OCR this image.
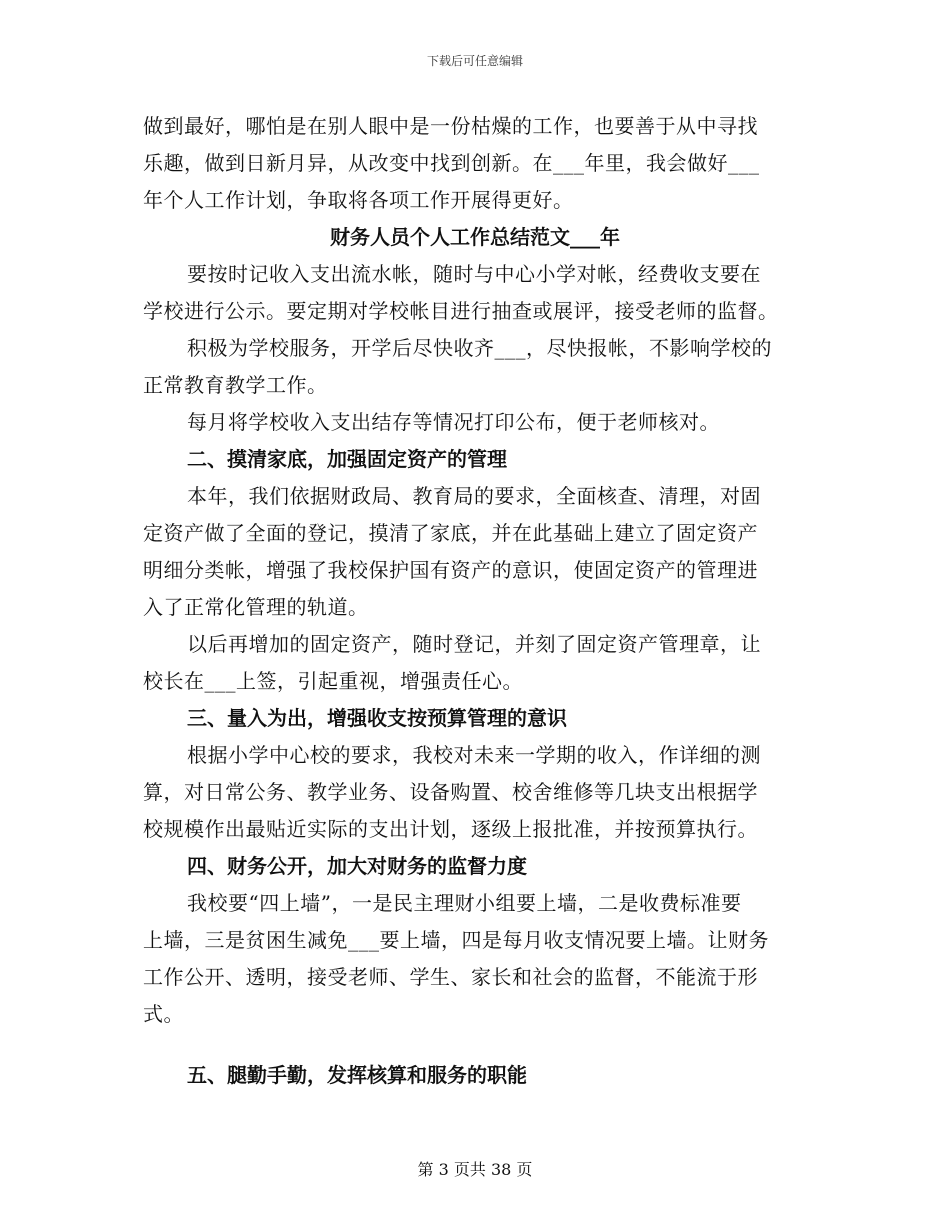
下载后可任意编辑

做到最好，哪怕是在别人眼中是一份枯燥的工作，也要善于从中寻找
乐趣，做到日新月异，从改变中找到创新。在___年里，我会做好___
年个人工作计划，争取将各项工作开展得更好。

财务人员个人工作总结范文___年

要按时记收入支出流水帐，随时与中心小学对帐，经费收支要在
学校进行公示。要定期对学校帐目进行抽查或展评，接受老师的监督。

积极为学校服务，开学后尽快收齐___，尽快报帐，不影响学校的
正常教育教学工作。

每月将学校收入支出结存等情况打印公布，便于老师核对。

二、摸清家底，加强固定资产的管理

本年，我们依据财政局、教育局的要求，全面核查、清理，对固
定资产做了全面的登记，摸清了家底，并在此基础上建立了固定资产
明细分类帐，增强了我校保护国有资产的意识，使固定资产的管理进
入了正常化管理的轨道。

以后再增加的固定资产，随时登记，并刻了固定资产管理章，让
校长在___上签，引起重视，增强责任心。

三、量入为出，增强收支按预算管理的意识

根据小学中心校的要求，我校对未来一学期的收入，作详细的测
算，对日常公务、教学业务、设备购置、校舍维修等几块支出根据学
校规模作出最贴近实际的支出计划，逐级上报批准，并按预算执行。

四、财务公开，加大对财务的监督力度

我校要“四上墙”，一是民主理财小组要上墙，二是收费标准要
上墙，三是贫困生减免___要上墙，四是每月收支情况要上墙。让财务
工作公开、透明，接受老师、学生、家长和社会的监督，不能流于形
式。

五、腿勤手勤，发挥核算和服务的职能

第 3 页共 38 页
